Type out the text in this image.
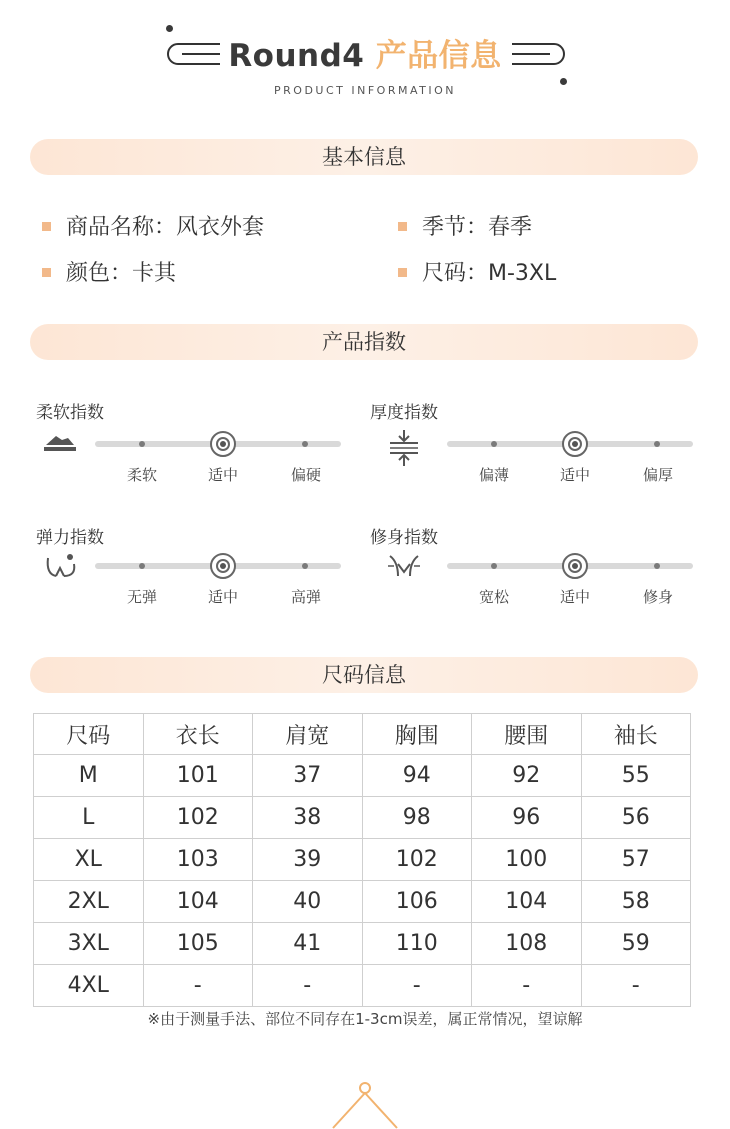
Round4 产品信息
PRODUCT INFORMATION
基本信息
商品名称：风衣外套	季节：春季
颜色：卡其	尺码：M-3XL
产品指数
柔软指数
柔软	适中	偏硬
厚度指数
偏薄	适中	偏厚
弹力指数
无弹	适中	高弹
修身指数
宽松	适中	修身
尺码信息
尺码	衣长	肩宽	胸围	腰围	袖长
M	101	37	94	92	55
L	102	38	98	96	56
XL	103	39	102	100	57
2XL	104	40	106	104	58
3XL	105	41	110	108	59
4XL	-	-	-	-	-
※由于测量手法、部位不同存在1-3cm误差，属正常情况，望谅解
